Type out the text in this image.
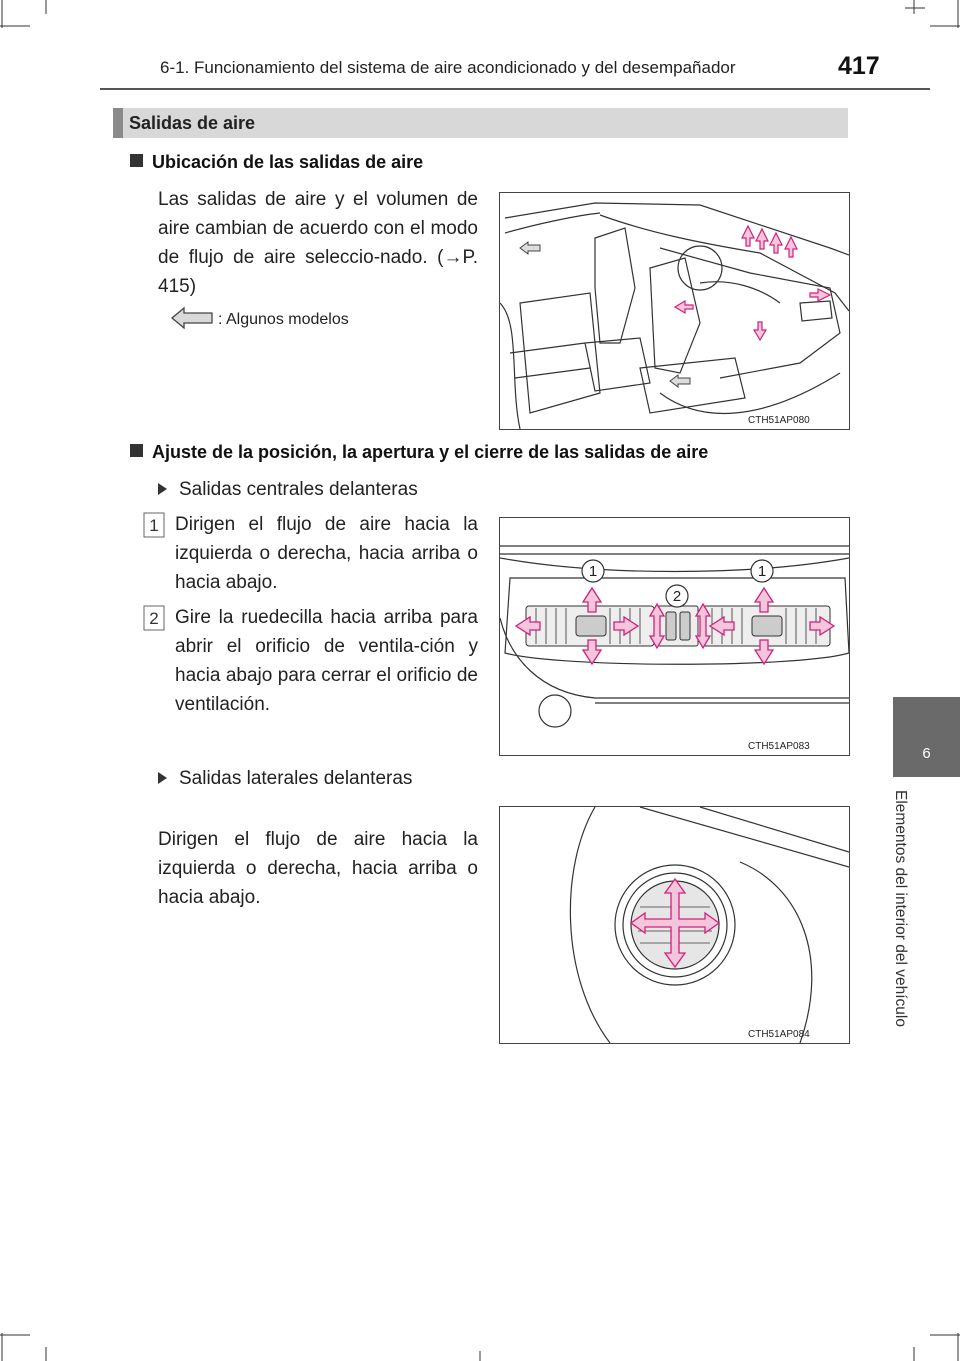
6-1. Funcionamiento del sistema de aire acondicionado y del desempañador	417
6
Elementos del interior del vehículo
Salidas de aire
Ubicación de las salidas de aire
Las salidas de aire y el volumen de aire cambian de acuerdo con el modo de flujo de aire seleccio-nado. (→P. 415)
: Algunos modelos
CTH51AP080
Ajuste de la posición, la apertura y el cierre de las salidas de aire
Salidas centrales delanteras
1 Dirigen el flujo de aire hacia la izquierda o derecha, hacia arriba o hacia abajo.
2 Gire la ruedecilla hacia arriba para abrir el orificio de ventila-ción y hacia abajo para cerrar el orificio de ventilación.
1	1
2
CTH51AP083
Salidas laterales delanteras
Dirigen el flujo de aire hacia la izquierda o derecha, hacia arriba o hacia abajo.
CTH51AP084
